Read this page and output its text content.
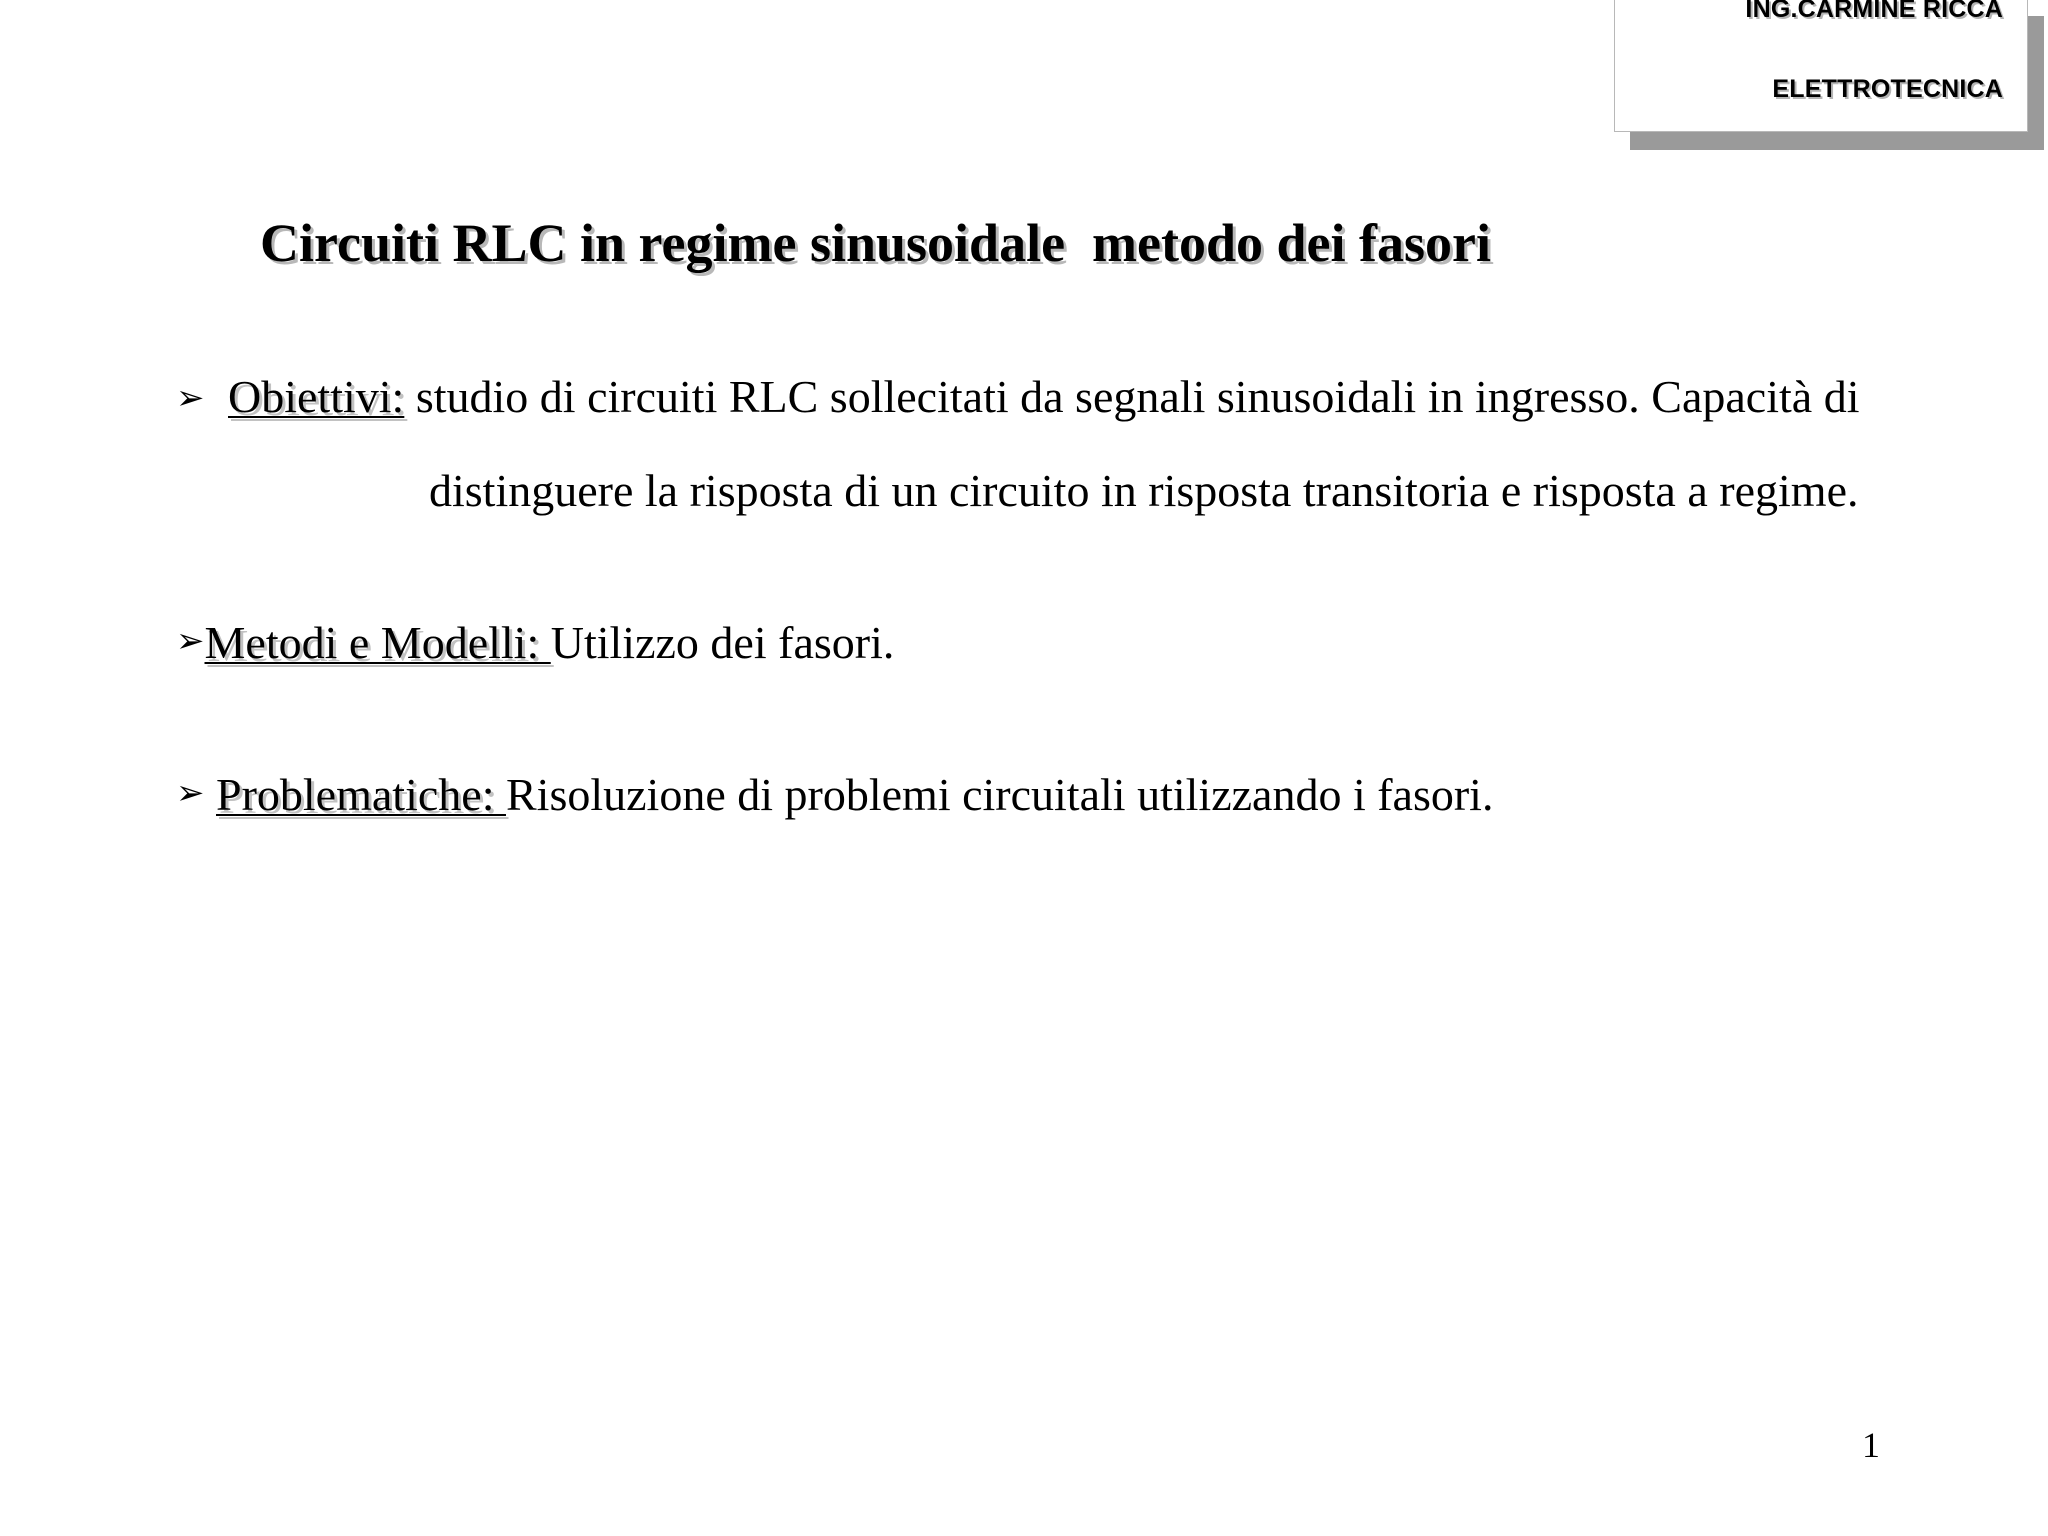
ING.CARMINE RICCA
ELETTROTECNICA
Circuiti RLC in regime sinusoidale  metodo dei fasori
➢ Obiettivi: studio di circuiti RLC sollecitati da segnali sinusoidali in ingresso. Capacità di
distinguere la risposta di un circuito in risposta transitoria e risposta a regime.
➢Metodi e Modelli: Utilizzo dei fasori.
➢ Problematiche: Risoluzione di problemi circuitali utilizzando i fasori.
1
